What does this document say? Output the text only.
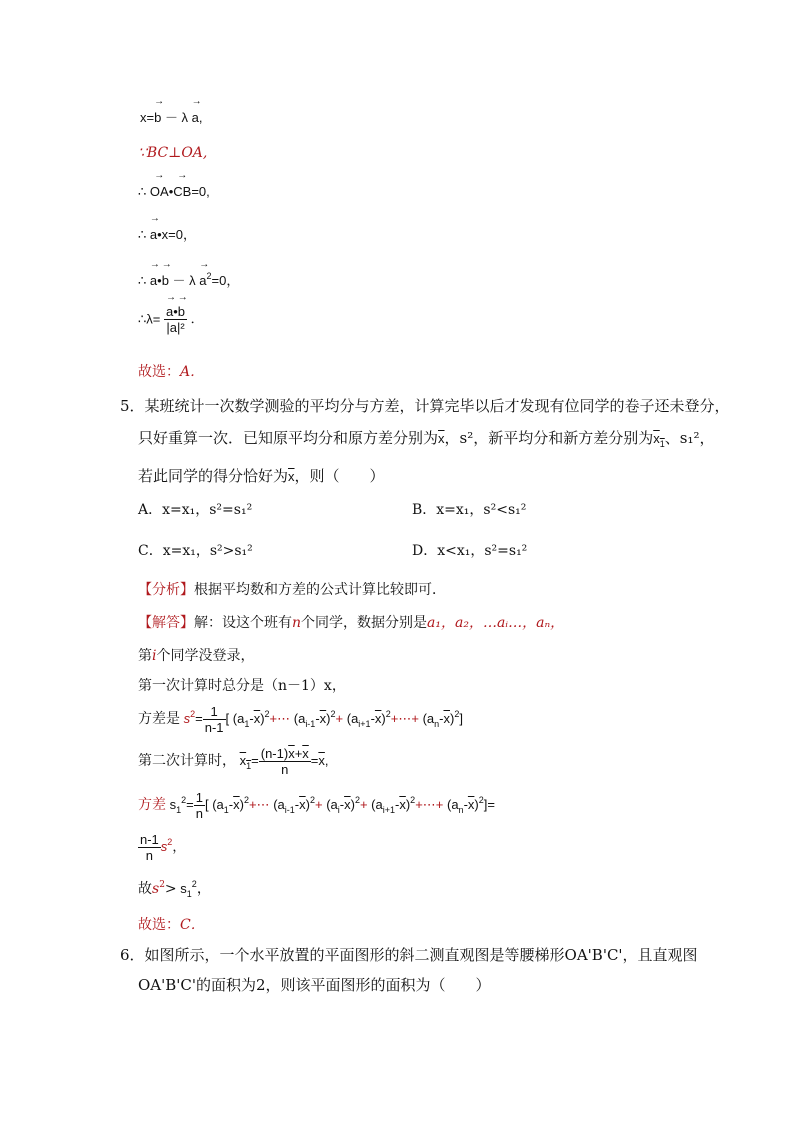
x=→ b － λ → a,
∵BC⊥OA,
∴ → OA•→ CB=0,
∴ → a•x=0，
∴ → a•→ $b - \lambda \to a^2=0$，
∴λ= → $\frac{a•\to b}{\text{|a|²}}$ ．
故选：A．
5．某班统计一次数学测验的平均分与方差，计算完毕以后才发现有位同学的卷子还未登分，
只好重算一次．已知原平均分和原方差分别为$\overline{x}$，s²，新平均分和新方差分别为$x_1$、s₁²，
若此同学的得分恰好为$\overline{x}$，则（　　）
A．x=x₁，s²=s₁²	B．x=x₁，s²<s₁²
C．x=x₁，s²>s₁²	D．x<x₁，s²=s₁²
【分析】根据平均数和方差的公式计算比较即可．
【解答】解：设这个班有n个同学，数据分别是a₁，a₂，…aᵢ…，aₙ，
第i个同学没登录，
第一次计算时总分是（n－1）x，
方差是 $s^2= \frac{1}{n-1}$ [ $(a_1-\overline{x})^2+\cdots$ $(a_{i-1}-\overline{x})^2+$ $(a_{i+1}-\overline{x})^2+\cdots+ (a_n-\overline{x})^2$]
第二次计算时， $x_1= \frac{(n-1)\overline{x}+\overline{x}}{n} =\overline{x}$,
方差 $s_1^2= \frac{1}{n}$ [ $(a_1-\overline{x})^2+\cdots$ $(a_{i-1}-\overline{x})^2+ (a_i-\overline{x})^2+$ $(a_{i+1}-\overline{x})^2+\cdots+ (a_n-\overline{x})^2]=$
$\frac{n-1}{n} s^2$，
故$s^2> s_1^2$，
故选：C．
6．如图所示，一个水平放置的平面图形的斜二测直观图是等腰梯形OA'B'C'，且直观图
OA'B'C'的面积为2，则该平面图形的面积为（　　）
